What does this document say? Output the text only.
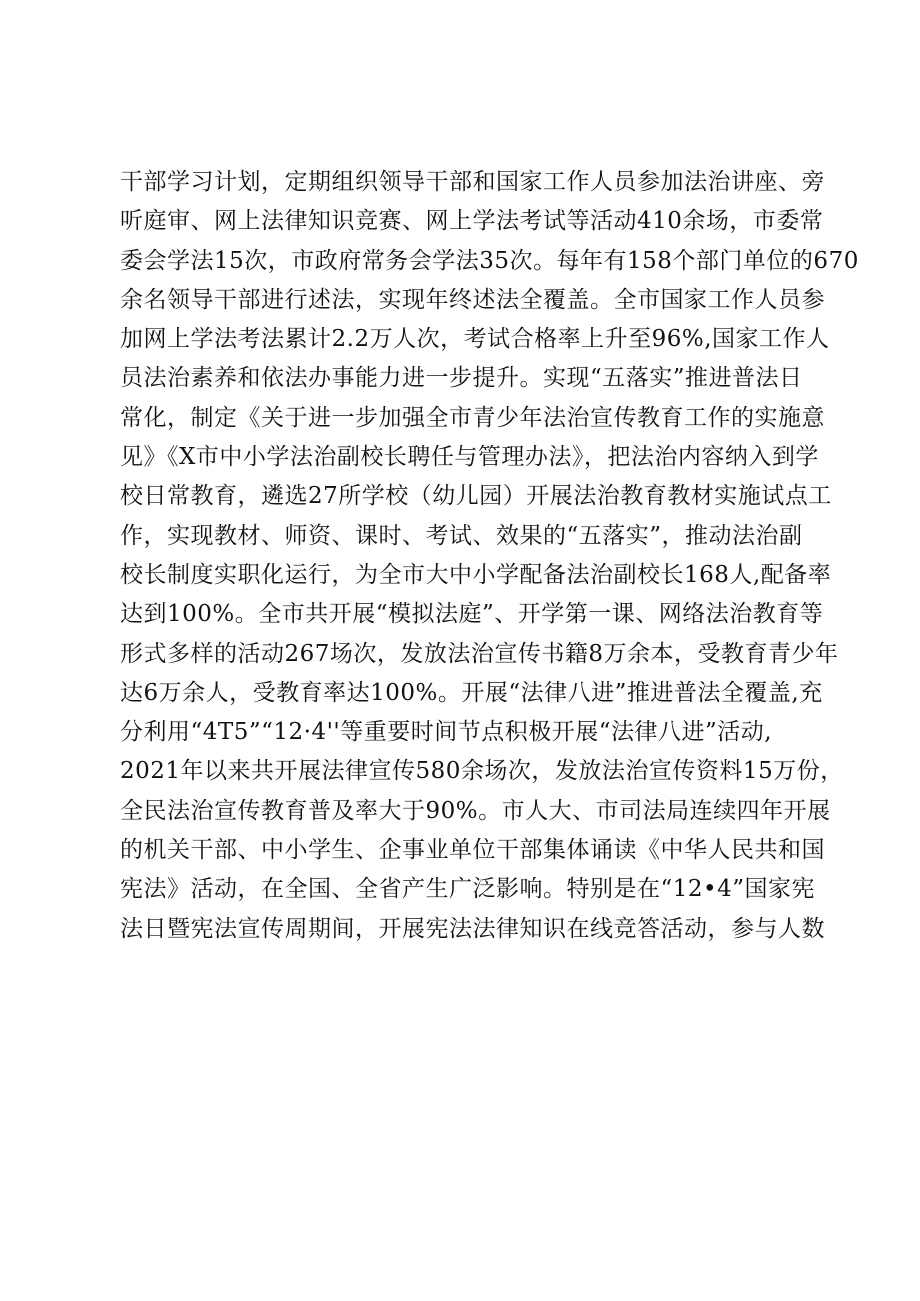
干部学习计划，定期组织领导干部和国家工作人员参加法治讲座、旁
听庭审、网上法律知识竞赛、网上学法考试等活动410余场，市委常
委会学法15次，市政府常务会学法35次。每年有158个部门单位的670
余名领导干部进行述法，实现年终述法全覆盖。全市国家工作人员参
加网上学法考法累计2.2万人次，考试合格率上升至96%,国家工作人
员法治素养和依法办事能力进一步提升。实现“五落实”推进普法日
常化，制定《关于进一步加强全市青少年法治宣传教育工作的实施意
见》《X市中小学法治副校长聘任与管理办法》，把法治内容纳入到学
校日常教育，遴选27所学校（幼儿园）开展法治教育教材实施试点工
作，实现教材、师资、课时、考试、效果的“五落实”，推动法治副
校长制度实职化运行，为全市大中小学配备法治副校长168人,配备率
达到100%。全市共开展“模拟法庭”、开学第一课、网络法治教育等
形式多样的活动267场次，发放法治宣传书籍8万余本，受教育青少年
达6万余人，受教育率达100%。开展“法律八进”推进普法全覆盖,充
分利用“4T5”“12·4''等重要时间节点积极开展“法律八进”活动,
2021年以来共开展法律宣传580余场次，发放法治宣传资料15万份，
全民法治宣传教育普及率大于90%。市人大、市司法局连续四年开展
的机关干部、中小学生、企事业单位干部集体诵读《中华人民共和国
宪法》活动，在全国、全省产生广泛影响。特别是在“12•4”国家宪
法日暨宪法宣传周期间，开展宪法法律知识在线竞答活动，参与人数
